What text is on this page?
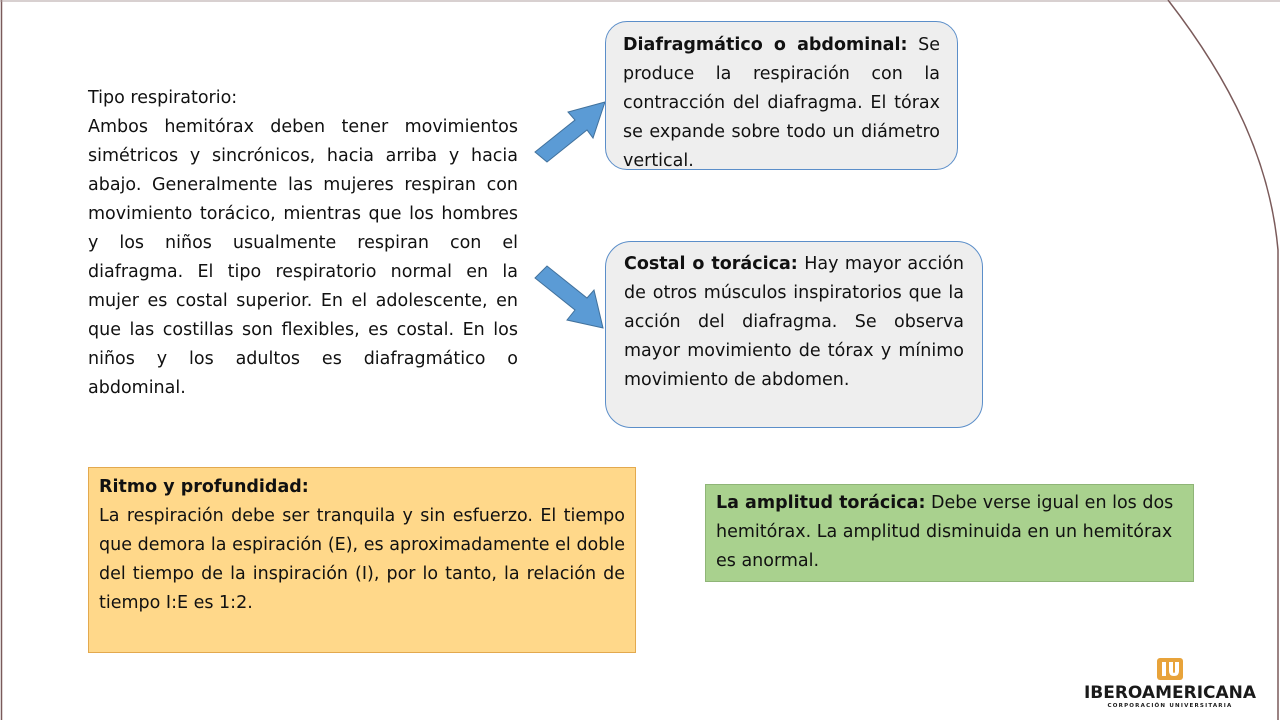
Tipo respiratorio:
Ambos hemitórax deben tener movimientos simétricos y sincrónicos, hacia arriba y hacia abajo. Generalmente las mujeres respiran con movimiento torácico, mientras que los hombres y los niños usualmente respiran con el diafragma. El tipo respiratorio normal en la mujer es costal superior. En el adolescente, en que las costillas son flexibles, es costal. En los niños y los adultos es diafragmático o abdominal.
Diafragmático o abdominal: Se produce la respiración con la contracción del diafragma. El tórax se expande sobre todo un diámetro vertical.
Costal o torácica: Hay mayor acción de otros músculos inspiratorios que la acción del diafragma. Se observa mayor movimiento de tórax y mínimo movimiento de abdomen.
Ritmo y profundidad:
La respiración debe ser tranquila y sin esfuerzo. El tiempo que demora la espiración (E), es aproximadamente el doble del tiempo de la inspiración (I), por lo tanto, la relación de tiempo I:E es 1:2.
La amplitud torácica: Debe verse igual en los dos hemitórax. La amplitud disminuida en un hemitórax es anormal.
IBEROAMERICANA
CORPORACIÓN UNIVERSITARIA
